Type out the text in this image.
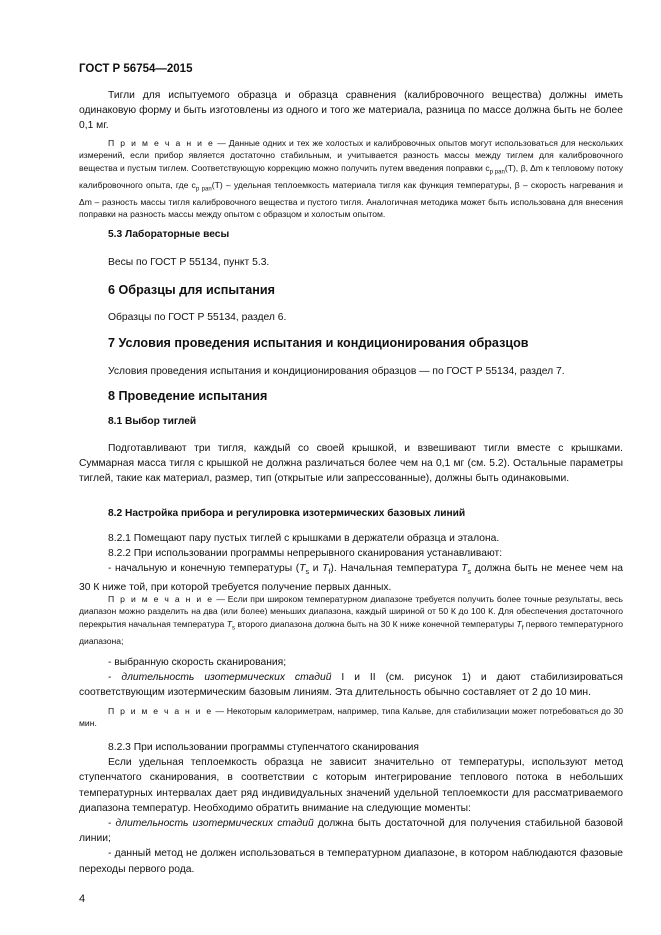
ГОСТ Р 56754—2015

Тигли для испытуемого образца и образца сравнения (калибровочного вещества) должны иметь одинаковую форму и быть изготовлены из одного и того же материала, разница по массе должна быть не более 0,1 мг.

П р и м е ч а н и е — Данные одних и тех же холостых и калибровочных опытов могут использоваться для нескольких измерений, если прибор является достаточно стабильным, и учитывается разность массы между тиглем для калибровочного вещества и пустым тиглем. Соответствующую коррекцию можно получить путем введения поправки $c_{p pan}(T)$, β, Δm к тепловому потоку калибровочного опыта, где $c_{p pan}(T)$ – удельная теплоемкость материала тигля как функция температуры, β – скорость нагревания и Δm – разность массы тигля калибровочного вещества и пустого тигля. Аналогичная методика может быть использована для внесения поправки на разность массы между опытом с образцом и холостым опытом.

5.3 Лабораторные весы

Весы по ГОСТ Р 55134, пункт 5.3.

6 Образцы для испытания

Образцы по ГОСТ Р 55134, раздел 6.

7 Условия проведения испытания и кондиционирования образцов

Условия проведения испытания и кондиционирования образцов — по ГОСТ Р 55134, раздел 7.

8 Проведение испытания

8.1 Выбор тиглей

Подготавливают три тигля, каждый со своей крышкой, и взвешивают тигли вместе с крышками. Суммарная масса тигля с крышкой не должна различаться более чем на 0,1 мг (см. 5.2). Остальные параметры тиглей, такие как материал, размер, тип (открытые или запрессованные), должны быть одинаковыми.

8.2 Настройка прибора и регулировка изотермических базовых линий

8.2.1 Помещают пару пустых тиглей с крышками в держатели образца и эталона.

8.2.2 При использовании программы непрерывного сканирования устанавливают:

- начальную и конечную температуры ($T_s$ и $T_f$). Начальная температура $T_s$ должна быть не менее чем на 30 К ниже той, при которой требуется получение первых данных.

П р и м е ч а н и е — Если при широком температурном диапазоне требуется получить более точные результаты, весь диапазон можно разделить на два (или более) меньших диапазона, каждый шириной от 50 К до 100 К. Для обеспечения достаточного перекрытия начальная температура $T_s$ второго диапазона должна быть на 30 К ниже конечной температуры $T_f$ первого температурного диапазона;

- выбранную скорость сканирования;

- длительность изотермических стадий I и II (см. рисунок 1) и дают стабилизироваться соответствующим изотермическим базовым линиям. Эта длительность обычно составляет от 2 до 10 мин.

П р и м е ч а н и е — Некоторым калориметрам, например, типа Кальве, для стабилизации может потребоваться до 30 мин.

8.2.3 При использовании программы ступенчатого сканирования

Если удельная теплоемкость образца не зависит значительно от температуры, используют метод ступенчатого сканирования, в соответствии с которым интегрирование теплового потока в небольших температурных интервалах дает ряд индивидуальных значений удельной теплоемкости для рассматриваемого диапазона температур. Необходимо обратить внимание на следующие моменты:

- длительность изотермических стадий должна быть достаточной для получения стабильной базовой линии;

- данный метод не должен использоваться в температурном диапазоне, в котором наблюдаются фазовые переходы первого рода.

4
